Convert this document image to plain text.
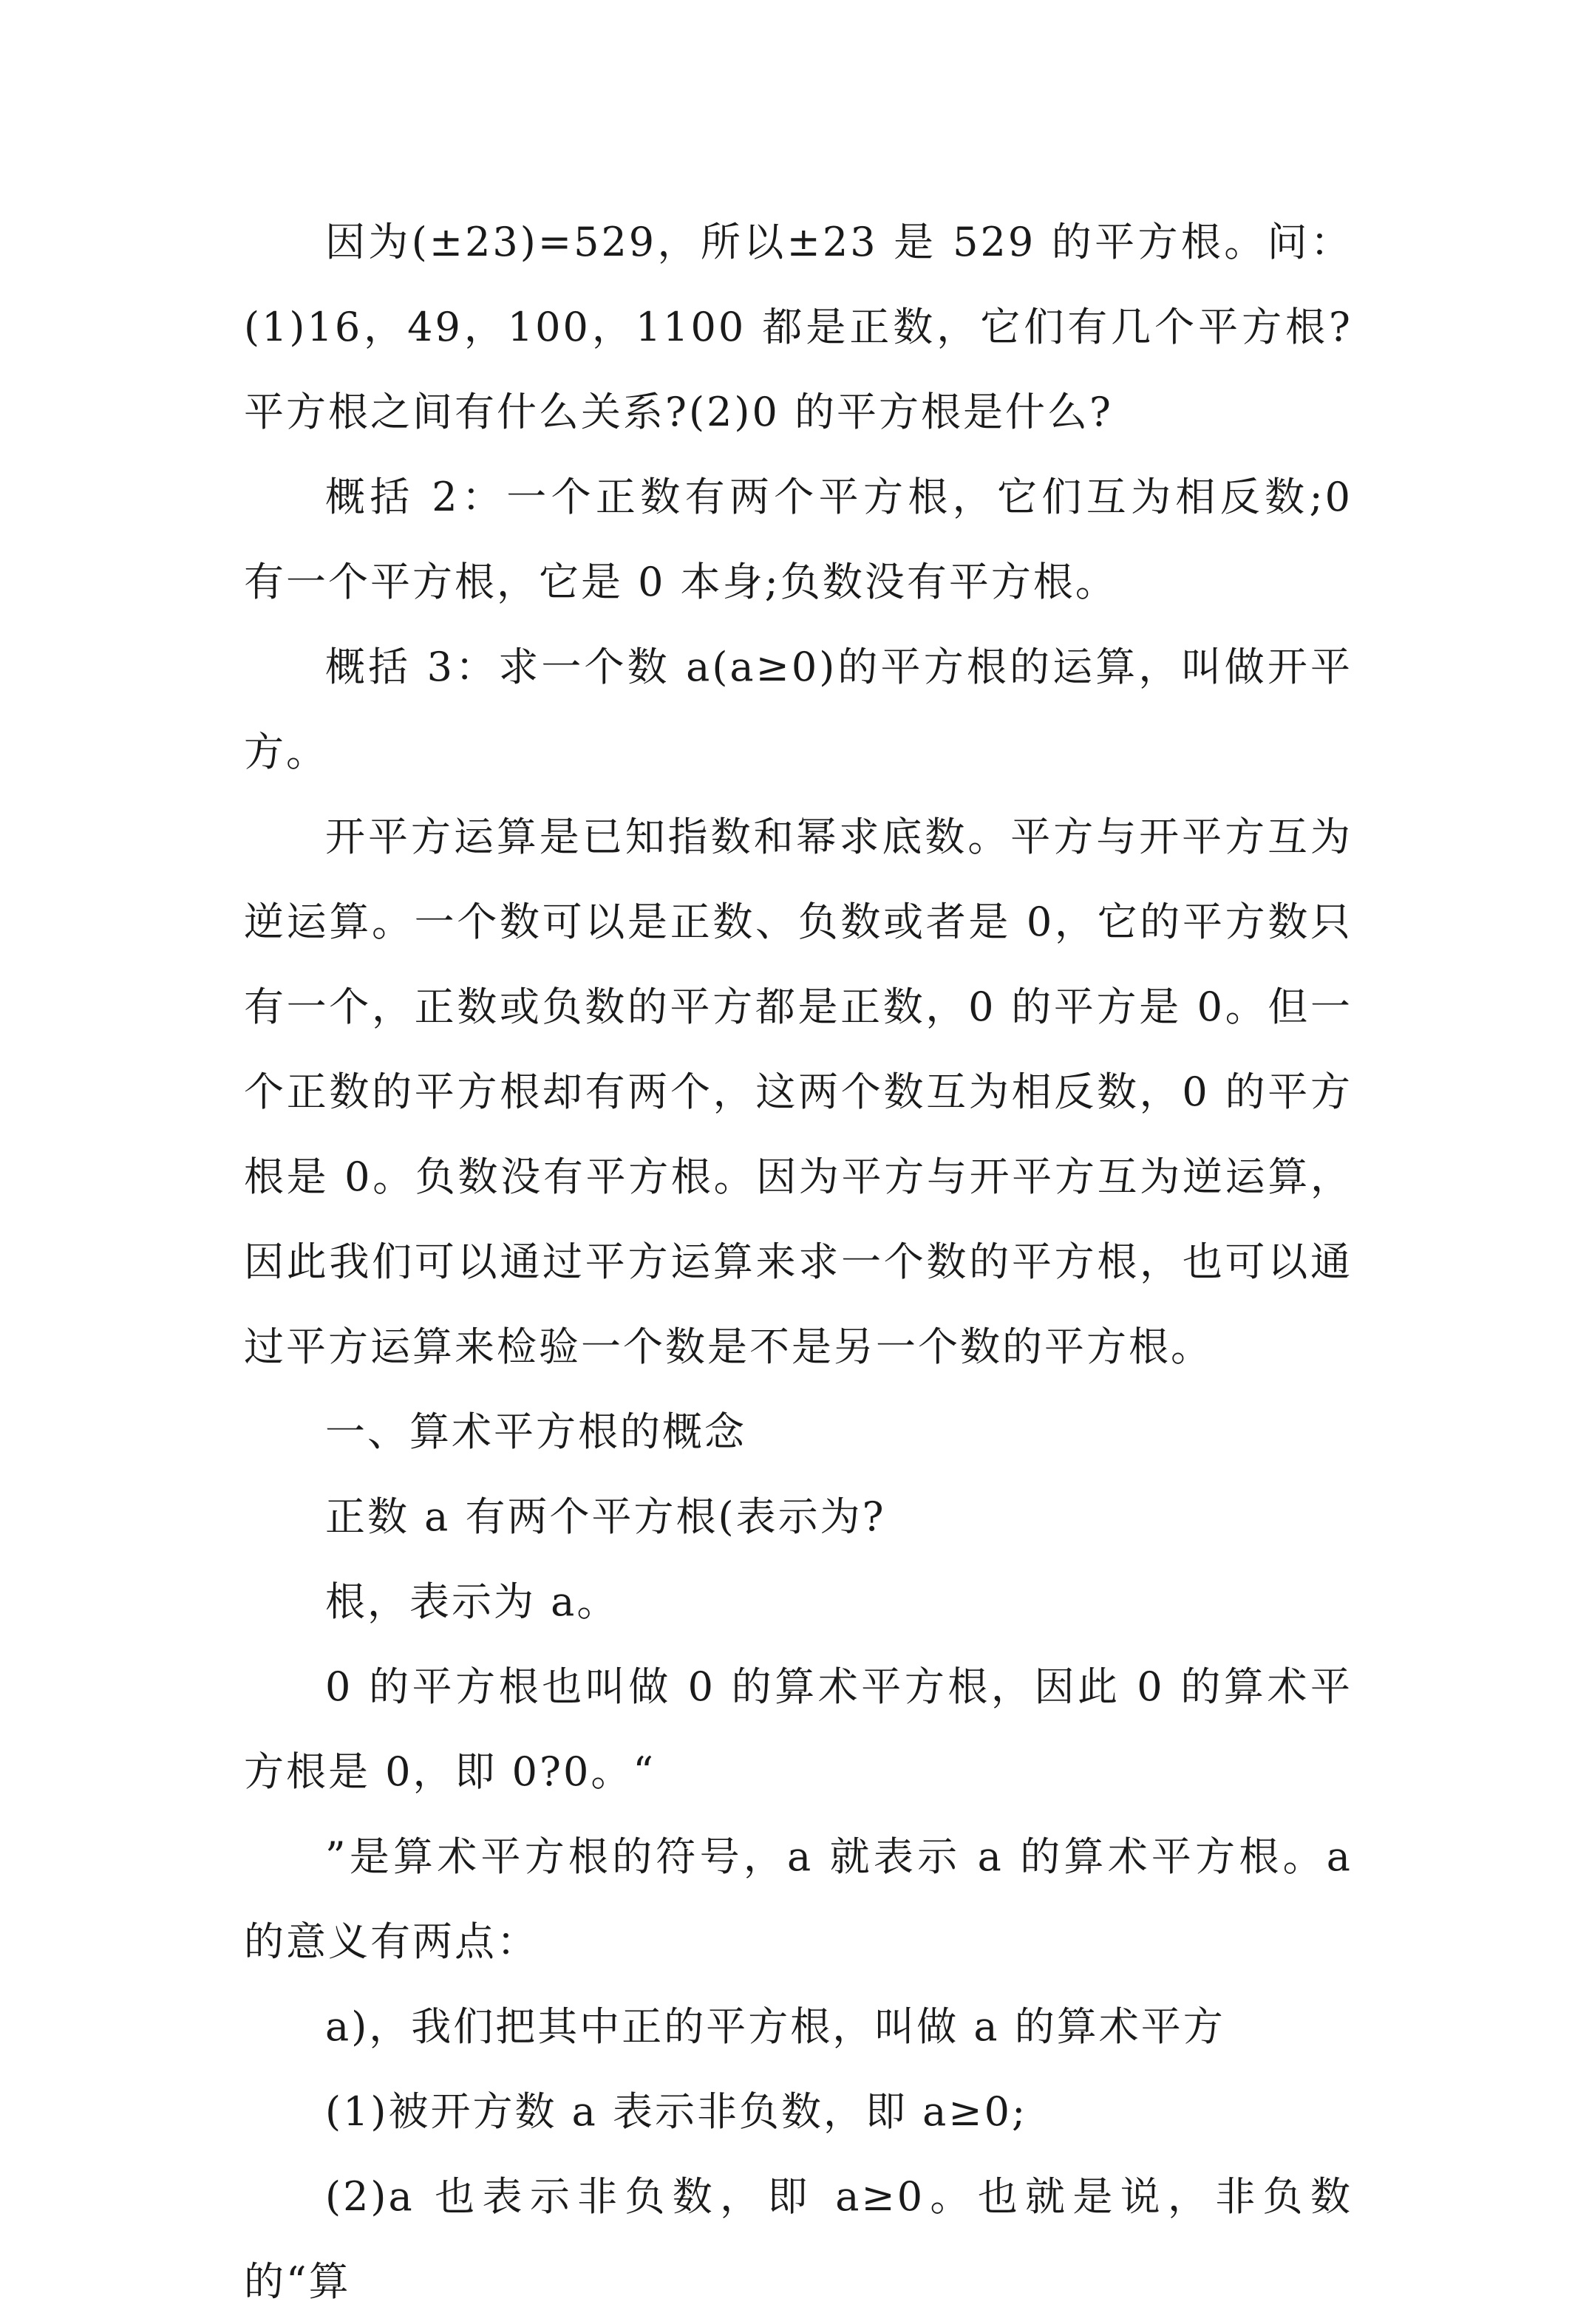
因为(±23)=529，所以±23 是 529 的平方根。问：(1)16，49，100，1100 都是正数，它们有几个平方根?平方根之间有什么关系?(2)0 的平方根是什么?

概括 2：一个正数有两个平方根，它们互为相反数;0 有一个平方根，它是 0 本身;负数没有平方根。

概括 3：求一个数 a(a≥0)的平方根的运算，叫做开平方。

开平方运算是已知指数和幂求底数。平方与开平方互为逆运算。一个数可以是正数、负数或者是 0，它的平方数只有一个，正数或负数的平方都是正数，0 的平方是 0。但一个正数的平方根却有两个，这两个数互为相反数，0 的平方根是 0。负数没有平方根。因为平方与开平方互为逆运算，因此我们可以通过平方运算来求一个数的平方根，也可以通过平方运算来检验一个数是不是另一个数的平方根。

一、算术平方根的概念

正数 a 有两个平方根(表示为?

根，表示为 a。

0 的平方根也叫做 0 的算术平方根，因此 0 的算术平方根是 0，即 0?0。“

”是算术平方根的符号，a 就表示 a 的算术平方根。a 的意义有两点：

a)，我们把其中正的平方根，叫做 a 的算术平方

(1)被开方数 a 表示非负数，即 a≥0;

(2)a 也表示非负数，即 a≥0。也就是说，非负数的“算
